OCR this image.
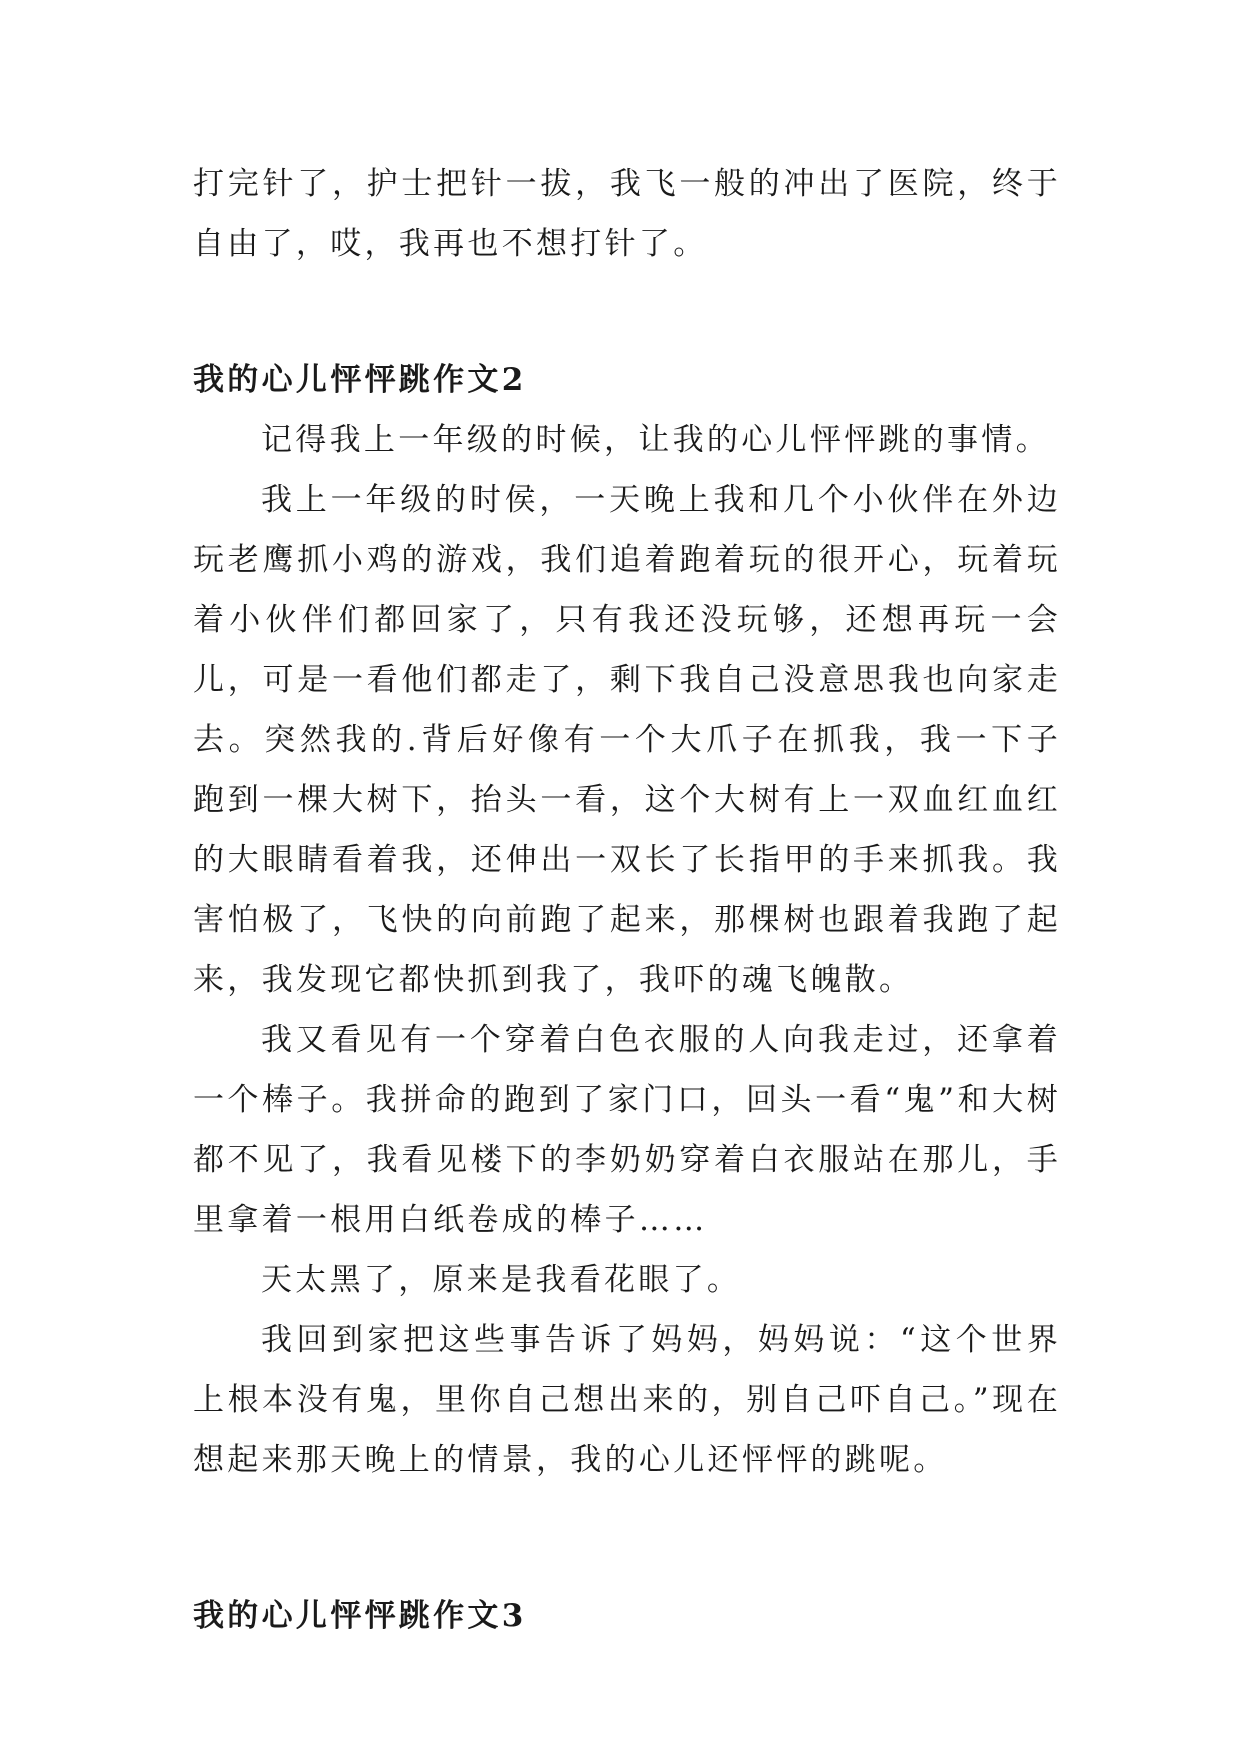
打完针了，护士把针一拔，我飞一般的冲出了医院，终于自由了，哎，我再也不想打针了。

我的心儿怦怦跳作文2

记得我上一年级的时候，让我的心儿怦怦跳的事情。

我上一年级的时侯，一天晚上我和几个小伙伴在外边玩老鹰抓小鸡的游戏，我们追着跑着玩的很开心，玩着玩着小伙伴们都回家了，只有我还没玩够，还想再玩一会儿，可是一看他们都走了，剩下我自己没意思我也向家走去。突然我的.背后好像有一个大爪子在抓我，我一下子跑到一棵大树下，抬头一看，这个大树有上一双血红血红的大眼睛看着我，还伸出一双长了长指甲的手来抓我。我害怕极了，飞快的向前跑了起来，那棵树也跟着我跑了起来，我发现它都快抓到我了，我吓的魂飞魄散。

我又看见有一个穿着白色衣服的人向我走过，还拿着一个棒子。我拼命的跑到了家门口，回头一看“鬼”和大树都不见了，我看见楼下的李奶奶穿着白衣服站在那儿，手里拿着一根用白纸卷成的棒子……

天太黑了，原来是我看花眼了。

我回到家把这些事告诉了妈妈，妈妈说：“这个世界上根本没有鬼，里你自己想出来的，别自己吓自己。”现在想起来那天晚上的情景，我的心儿还怦怦的跳呢。

我的心儿怦怦跳作文3
